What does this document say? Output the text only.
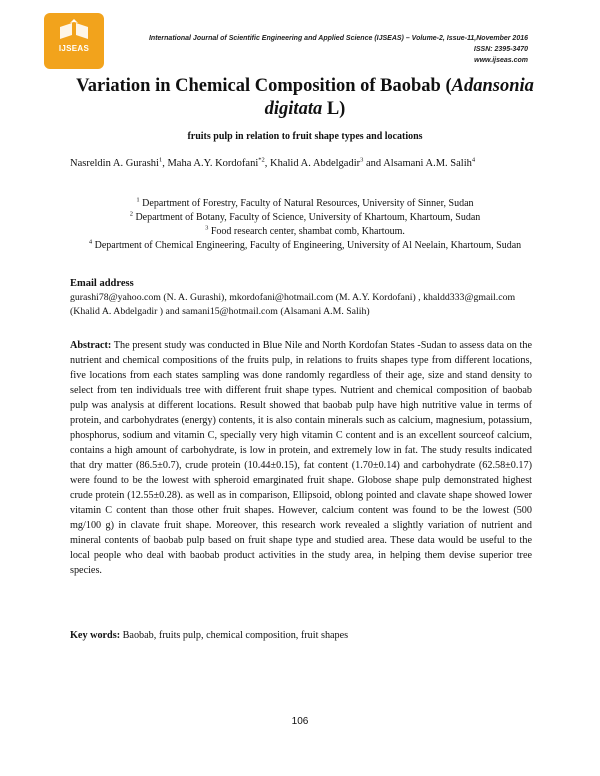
IJSEAS
International Journal of Scientific Engineering and Applied Science (IJSEAS) – Volume-2, Issue-11,November 2016
ISSN: 2395-3470
www.ijseas.com
Variation in Chemical Composition of Baobab (Adansonia digitata L)
fruits pulp in relation to fruit shape types and locations
Nasreldin A. Gurashi$^1$, Maha A.Y. Kordofani$^{*2}$, Khalid A. Abdelgadir$^3$ and Alsamani A.M. Salih$^4$
$^1$ Department of Forestry, Faculty of Natural Resources, University of Sinner, Sudan
$^2$ Department of Botany, Faculty of Science, University of Khartoum, Khartoum, Sudan
$^3$ Food research center, shambat comb, Khartoum.
$^4$ Department of Chemical Engineering, Faculty of Engineering, University of Al Neelain, Khartoum, Sudan
Email address
gurashi78@yahoo.com (N. A. Gurashi), mkordofani@hotmail.com (M. A.Y. Kordofani) , khaldd333@gmail.com (Khalid A. Abdelgadir ) and samani15@hotmail.com (Alsamani A.M. Salih)
Abstract: The present study was conducted in Blue Nile and North Kordofan States -Sudan to assess data on the nutrient and chemical compositions of the fruits pulp, in relations to fruits shapes type from different locations, five locations from each states sampling was done randomly regardless of their age, size and stand density to select from ten individuals tree with different fruit shape types. Nutrient and chemical composition of baobab pulp was analysis at different locations. Result showed that baobab pulp have high nutritive value in terms of protein, and carbohydrates (energy) contents, it is also contain minerals such as calcium, magnesium, potassium, phosphorus, sodium and vitamin C, specially very high vitamin C content and is an excellent sourceof calcium, contains a high amount of carbohydrate, is low in protein, and extremely low in fat. The study results indicated that dry matter (86.5±0.7), crude protein (10.44±0.15), fat content (1.70±0.14) and carbohydrate (62.58±0.17) were found to be the lowest with spheroid emarginated fruit shape. Globose shape pulp demonstrated highest crude protein (12.55±0.28). as well as in comparison, Ellipsoid, oblong pointed and clavate shape showed lower vitamin C content than those other fruit shapes. However, calcium content was found to be the lowest (500 mg/100 g) in clavate fruit shape. Moreover, this research work revealed a slightly variation of nutrient and mineral contents of baobab pulp based on fruit shape type and studied area. These data would be useful to the local people who deal with baobab product activities in the study area, in helping them devise superior tree species.
Key words: Baobab, fruits pulp, chemical composition, fruit shapes
106
